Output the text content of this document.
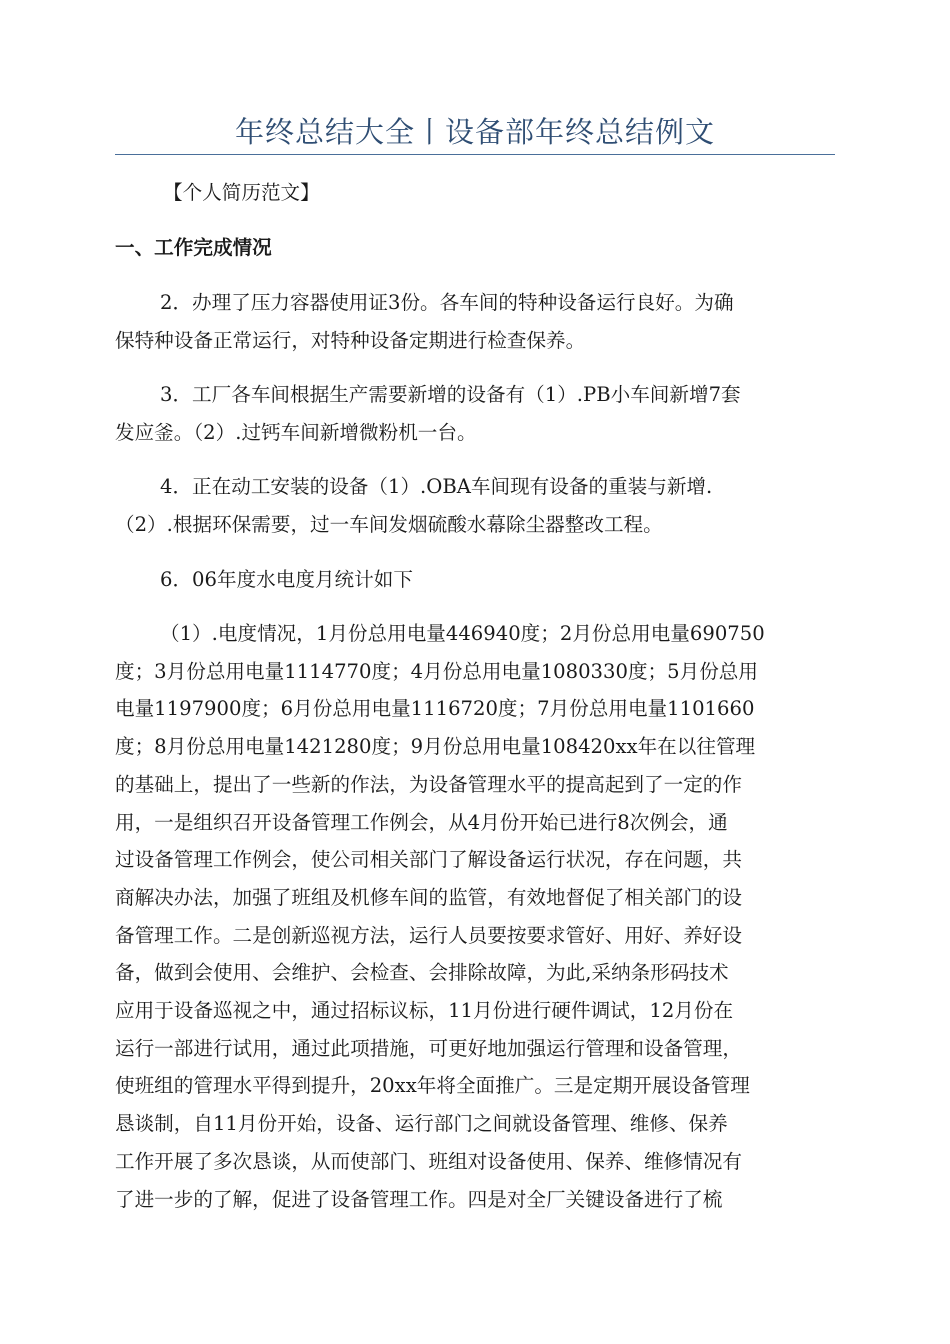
年终总结大全丨设备部年终总结例文

【个人简历范文】

一、工作完成情况

2．办理了压力容器使用证3份。各车间的特种设备运行良好。为确
保特种设备正常运行，对特种设备定期进行检查保养。

3．工厂各车间根据生产需要新增的设备有（1）.PB小车间新增7套
发应釜。（2）.过钙车间新增微粉机一台。

4．正在动工安装的设备（1）.OBA车间现有设备的重装与新增.
（2）.根据环保需要，过一车间发烟硫酸水幕除尘器整改工程。

6．06年度水电度月统计如下

（1）.电度情况，1月份总用电量446940度；2月份总用电量690750
度；3月份总用电量1114770度；4月份总用电量1080330度；5月份总用
电量1197900度；6月份总用电量1116720度；7月份总用电量1101660
度；8月份总用电量1421280度；9月份总用电量108420xx年在以往管理
的基础上，提出了一些新的作法，为设备管理水平的提高起到了一定的作
用，一是组织召开设备管理工作例会，从4月份开始已进行8次例会，通
过设备管理工作例会，使公司相关部门了解设备运行状况，存在问题，共
商解决办法，加强了班组及机修车间的监管，有效地督促了相关部门的设
备管理工作。二是创新巡视方法，运行人员要按要求管好、用好、养好设
备，做到会使用、会维护、会检查、会排除故障，为此,采纳条形码技术
应用于设备巡视之中，通过招标议标，11月份进行硬件调试，12月份在
运行一部进行试用，通过此项措施，可更好地加强运行管理和设备管理，
使班组的管理水平得到提升，20xx年将全面推广。三是定期开展设备管理
恳谈制，自11月份开始，设备、运行部门之间就设备管理、维修、保养
工作开展了多次恳谈，从而使部门、班组对设备使用、保养、维修情况有
了进一步的了解，促进了设备管理工作。四是对全厂关键设备进行了梳
